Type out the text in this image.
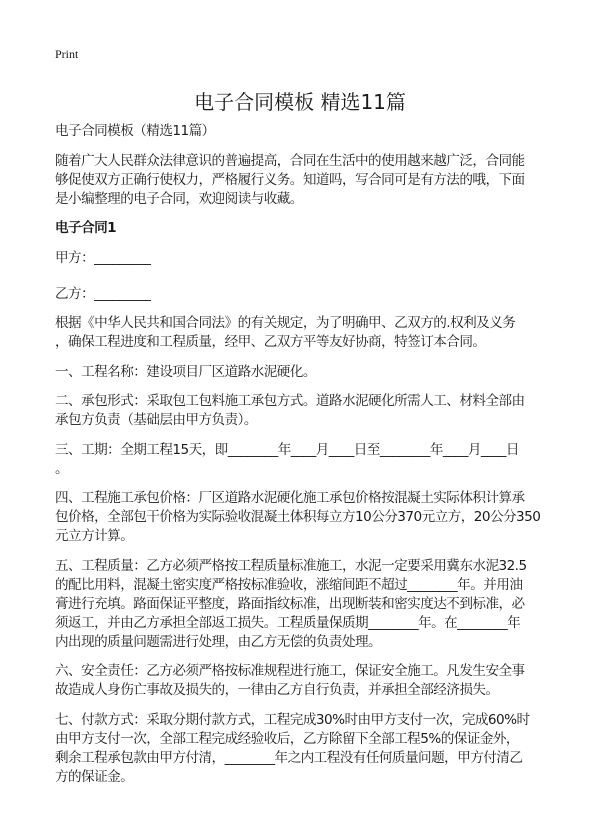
Print
电子合同模板 精选11篇
电子合同模板（精选11篇）
随着广大人民群众法律意识的普遍提高，合同在生活中的使用越来越广泛，合同能
够促使双方正确行使权力，严格履行义务。知道吗，写合同可是有方法的哦，下面
是小编整理的电子合同，欢迎阅读与收藏。
电子合同1
甲方：_________
乙方：_________
根据《中华人民共和国合同法》的有关规定，为了明确甲、乙双方的.权利及义务
，确保工程进度和工程质量，经甲、乙双方平等友好协商，特签订本合同。
一、工程名称：建设项目厂区道路水泥硬化。
二、承包形式：采取包工包料施工承包方式。道路水泥硬化所需人工、材料全部由
承包方负责（基础层由甲方负责）。
三、工期：全期工程15天，即________年____月____日至________年____月____日
。
四、工程施工承包价格：厂区道路水泥硬化施工承包价格按混凝土实际体积计算承
包价格，全部包干价格为实际验收混凝土体积每立方10公分370元立方，20公分350
元立方计算。
五、工程质量：乙方必须严格按工程质量标准施工，水泥一定要采用冀东水泥32.5
的配比用料，混凝土密实度严格按标准验收，涨缩间距不超过________年。并用油
膏进行充填。路面保证平整度，路面指纹标准，出现断装和密实度达不到标准，必
须返工，并由乙方承担全部返工损失。工程质量保质期________年。在________年
内出现的质量问题需进行处理，由乙方无偿的负责处理。
六、安全责任：乙方必须严格按标准规程进行施工，保证安全施工。凡发生安全事
故造成人身伤亡事故及损失的，一律由乙方自行负责，并承担全部经济损失。
七、付款方式：采取分期付款方式，工程完成30%时由甲方支付一次，完成60%时
由甲方支付一次，全部工程完成经验收后，乙方除留下全部工程5%的保证金外，
剩余工程承包款由甲方付清，________年之内工程没有任何质量问题，甲方付清乙
方的保证金。
